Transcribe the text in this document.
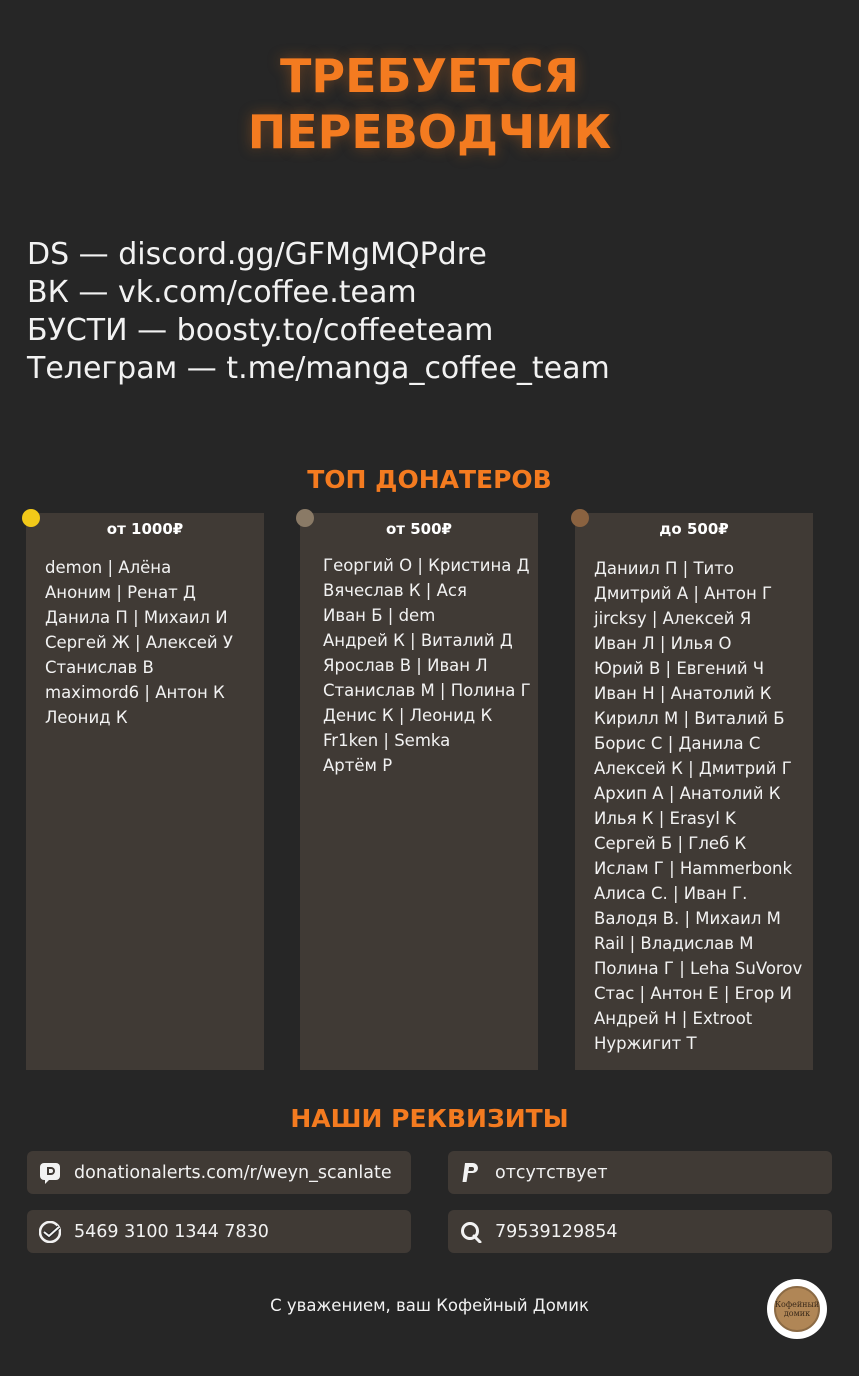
ТРЕБУЕТСЯ
ПЕРЕВОДЧИК
DS — discord.gg/GFMgMQPdre
ВК — vk.com/coffee.team
БУСТИ — boosty.to/coffeeteam
Телеграм — t.me/manga_coffee_team
ТОП ДОНАТЕРОВ
от 1000₽
demon | Алёна
Аноним | Ренат Д
Данила П | Михаил И
Сергей Ж | Алексей У
Станислав В
maximord6 | Антон К
Леонид К
от 500₽
Георгий О | Кристина Д
Вячеслав К | Ася
Иван Б | dem
Андрей К | Виталий Д
Ярослав В | Иван Л
Станислав М | Полина Г
Денис К | Леонид К
Fr1ken | Semka
Артём Р
до 500₽
Даниил П | Тито
Дмитрий А | Антон Г
jircksy | Алексей Я
Иван Л | Илья О
Юрий В | Евгений Ч
Иван Н | Анатолий К
Кирилл М | Виталий Б
Борис С | Данила С
Алексей К | Дмитрий Г
Архип А | Анатолий К
Илья К | Erasyl K
Сергей Б | Глеб К
Ислам Г | Hammerbonk
Алиса С. | Иван Г.
Валодя В. | Михаил М
Rail | Владислав М
Полина Г | Leha SuVorov
Стас | Антон Е | Егор И
Андрей Н | Extroot
Нуржигит Т
НАШИ РЕКВИЗИТЫ
donationalerts.com/r/weyn_scanlate	отсутствует
5469 3100 1344 7830	79539129854
С уважением, ваш Кофейный Домик	Кофейный домик
